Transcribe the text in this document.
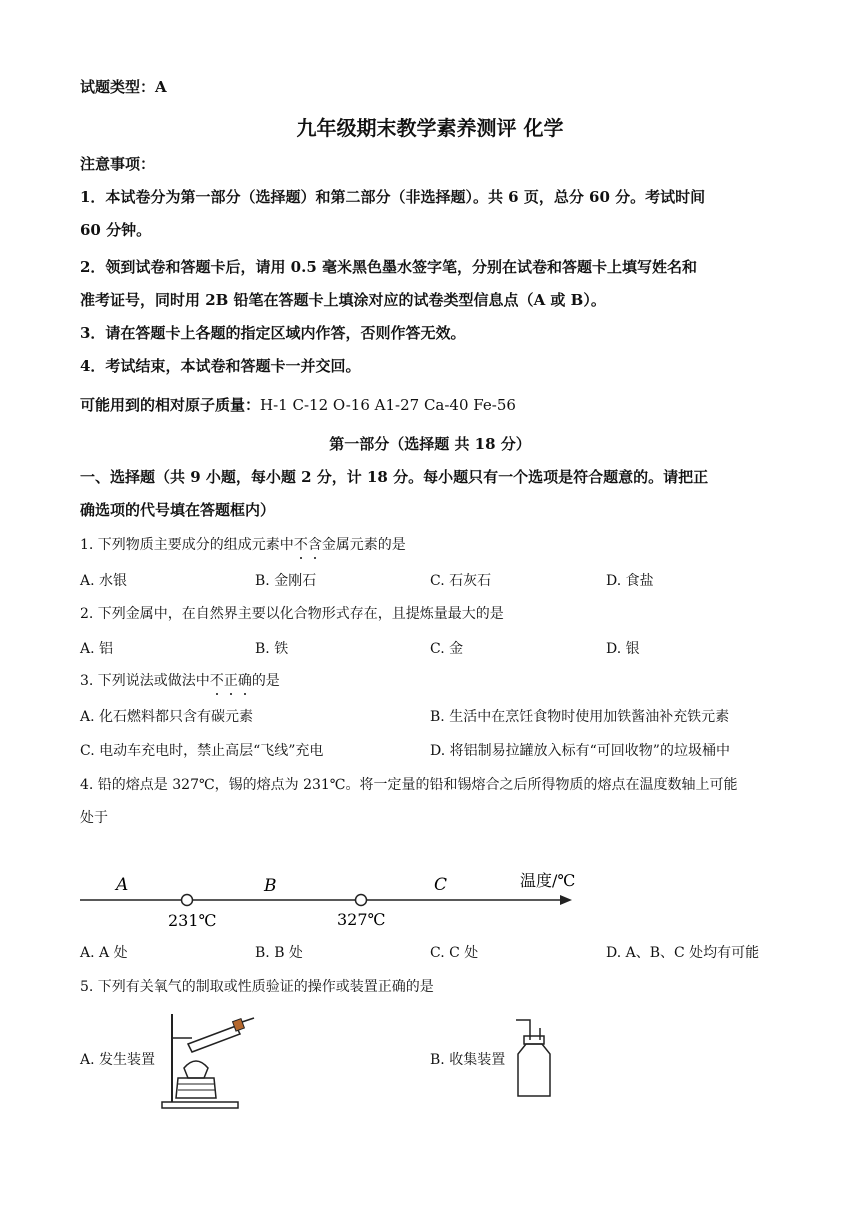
试题类型：A
九年级期末教学素养测评 化学
注意事项：
1．本试卷分为第一部分（选择题）和第二部分（非选择题）。共 6 页，总分 60 分。考试时间
60 分钟。
2．领到试卷和答题卡后，请用 0.5 毫米黑色墨水签字笔，分别在试卷和答题卡上填写姓名和
准考证号，同时用 2B 铅笔在答题卡上填涂对应的试卷类型信息点（A 或 B）。
3．请在答题卡上各题的指定区域内作答，否则作答无效。
4．考试结束，本试卷和答题卡一并交回。
可能用到的相对原子质量：H-1 C-12 O-16 A1-27 Ca-40 Fe-56
第一部分（选择题 共 18 分）
一、选择题（共 9 小题，每小题 2 分，计 18 分。每小题只有一个选项是符合题意的。请把正
确选项的代号填在答题框内）
1. 下列物质主要成分的组成元素中不含金属元素的是
A. 水银	B. 金刚石	C. 石灰石	D. 食盐
2. 下列金属中，在自然界主要以化合物形式存在，且提炼量最大的是
A. 铝	B. 铁	C. 金	D. 银
3. 下列说法或做法中不正确的是
A. 化石燃料都只含有碳元素	B. 生活中在烹饪食物时使用加铁酱油补充铁元素
C. 电动车充电时，禁止高层“飞线”充电	D. 将铝制易拉罐放入标有“可回收物”的垃圾桶中
4. 铅的熔点是 327℃，锡的熔点为 231℃。将一定量的铅和锡熔合之后所得物质的熔点在温度数轴上可能
处于
A	B	C	温度/℃
231℃	327℃
A. A 处	B. B 处	C. C 处	D. A、B、C 处均有可能
5. 下列有关氧气的制取或性质验证的操作或装置正确的是
A. 发生装置	B. 收集装置
